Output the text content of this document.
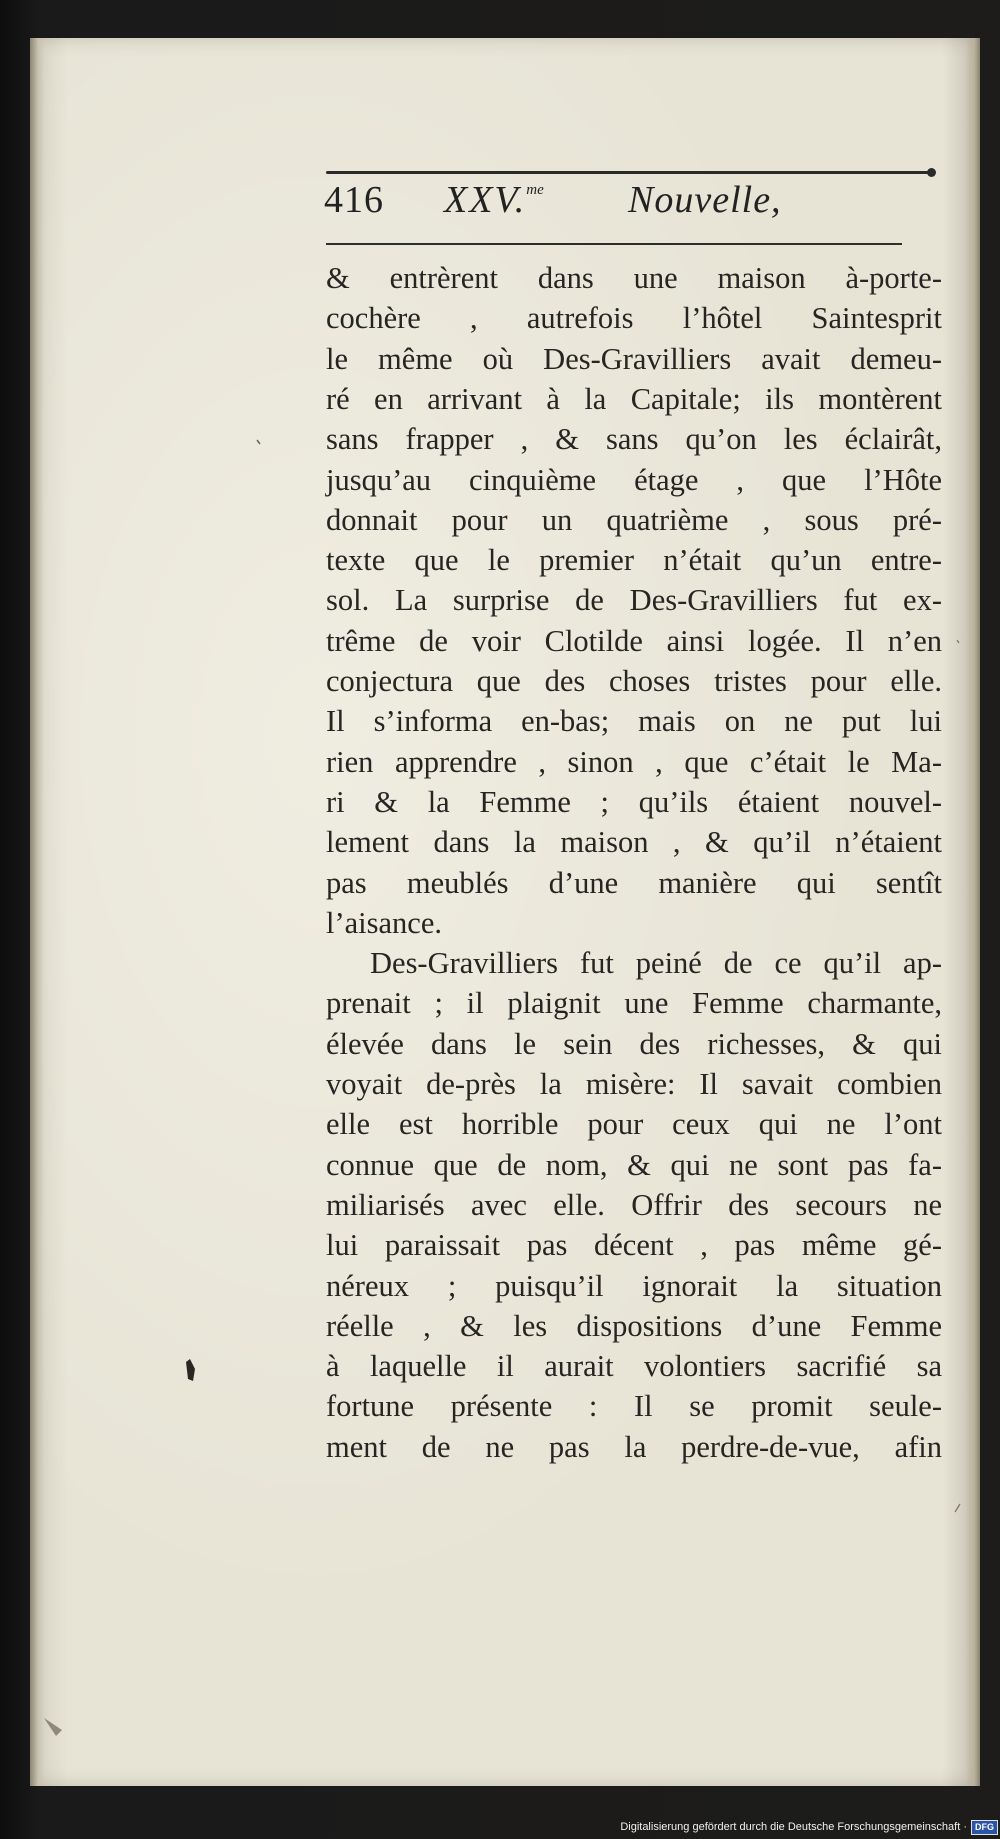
416 XXV.$^{me}$ Nouvelle,
& entrèrent dans une maison à-porte-
cochère , autrefois l’hôtel Saintesprit
le même où Des-Gravilliers avait demeu-
ré en arrivant à la Capitale; ils montèrent
sans frapper , & sans qu’on les éclairât,
jusqu’au cinquième étage , que l’Hôte
donnait pour un quatrième , sous pré-
texte que le premier n’était qu’un entre-
sol. La surprise de Des-Gravilliers fut ex-
trême de voir Clotilde ainsi logée. Il n’en
conjectura que des choses tristes pour elle.
Il s’informa en-bas; mais on ne put lui
rien apprendre , sinon , que c’était le Ma-
ri & la Femme ; qu’ils étaient nouvel-
lement dans la maison , & qu’il n’étaient
pas meublés d’une manière qui sentît
l’aisance.
Des-Gravilliers fut peiné de ce qu’il ap-
prenait ; il plaignit une Femme charmante,
élevée dans le sein des richesses, & qui
voyait de-près la misère: Il savait combien
elle est horrible pour ceux qui ne l’ont
connue que de nom, & qui ne sont pas fa-
miliarisés avec elle. Offrir des secours ne
lui paraissait pas décent , pas même gé-
néreux ; puisqu’il ignorait la situation
réelle , & les dispositions d’une Femme
à laquelle il aurait volontiers sacrifié sa
fortune présente : Il se promit seule-
ment de ne pas la perdre-de-vue, afin
Digitalisierung gefördert durch die Deutsche Forschungsgemeinschaft · DFG
